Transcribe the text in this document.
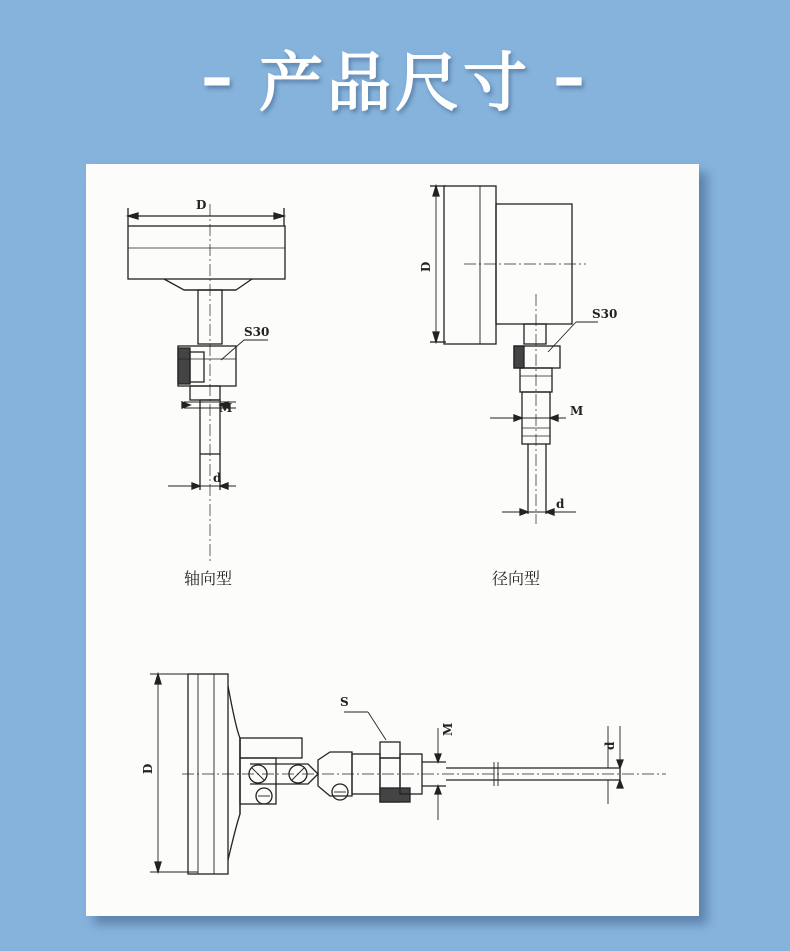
– 产品尺寸 –
D
S30
M
d
轴向型
D
S30
M
d
径向型
D
S
M
d
